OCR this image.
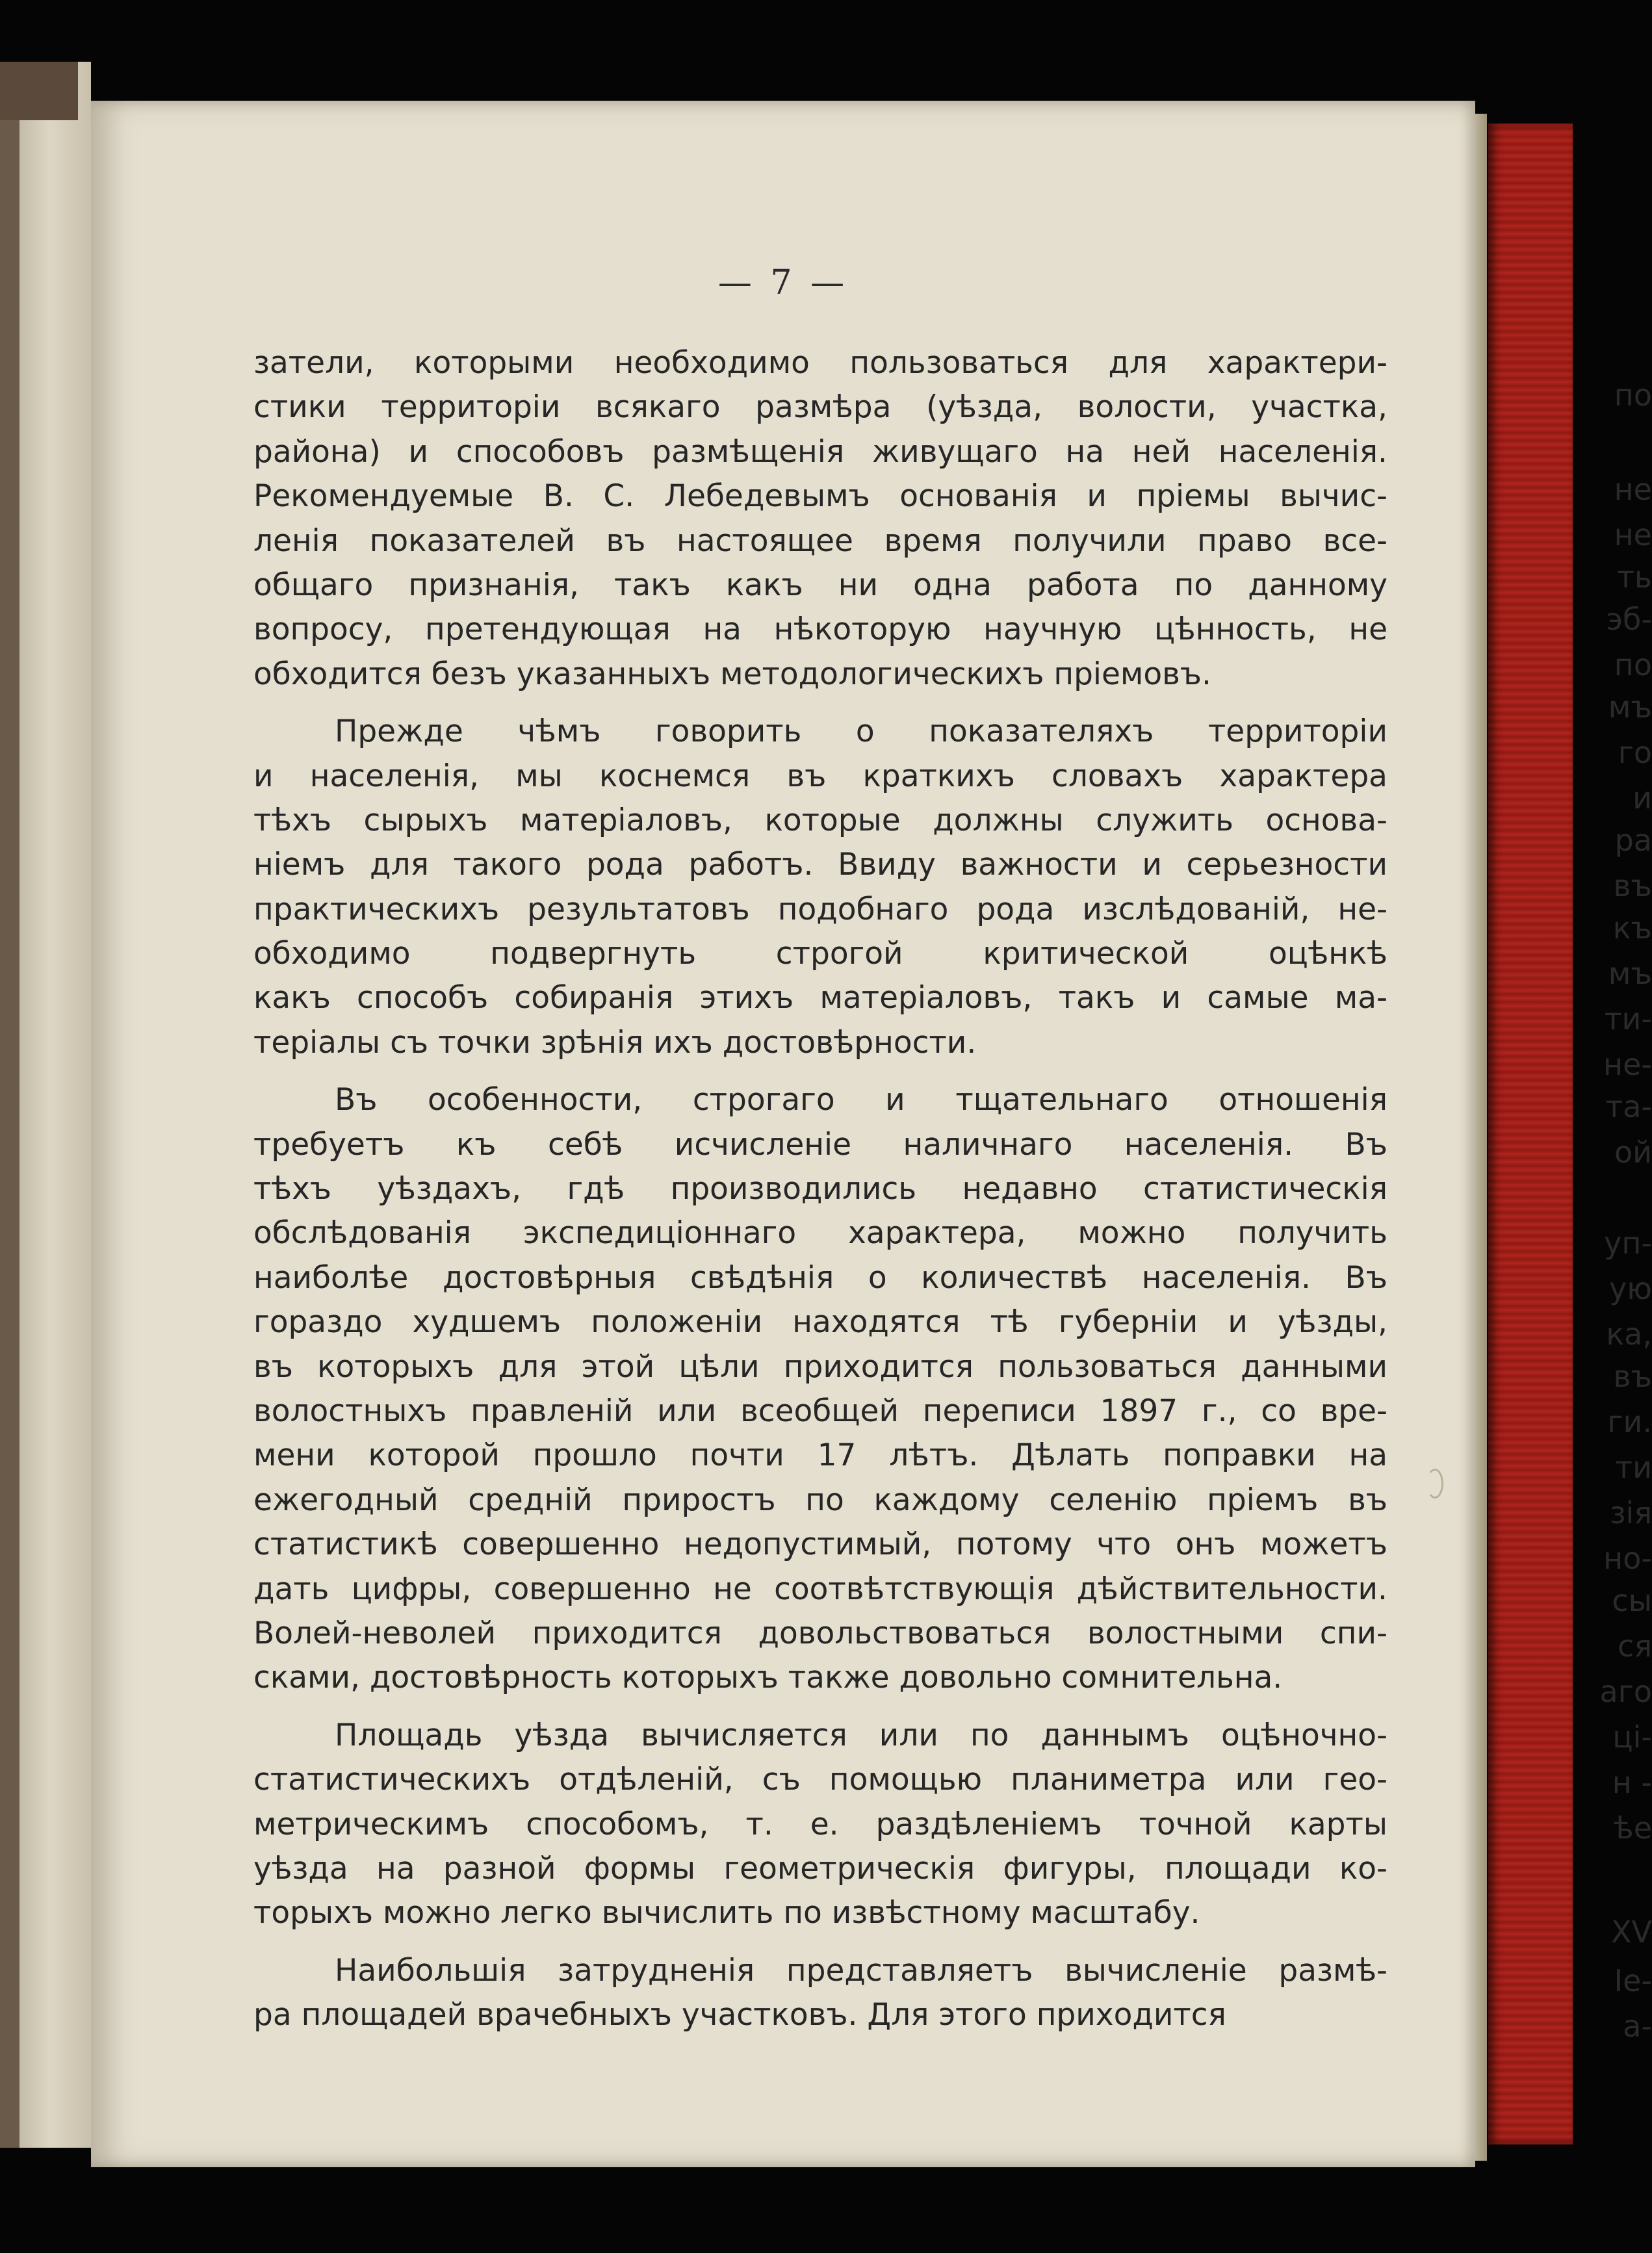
по
не
не
ть
эб-
по
мъ
го
и
ра
въ
къ
мъ
ти-
не-
та-
ой
уп-
ую
ка,
въ
ги.
ти
зія
но-
сы
ся
аго
ці-
н -
ѣе
XV
Ie-
а-
— 7 —
затели, которыми необходимо пользоваться для характери-
стики территоріи всякаго размѣра (уѣзда, волости, участка,
района) и способовъ размѣщенія живущаго на ней населенія.
Рекомендуемые В. С. Лебедевымъ основанія и пріемы вычис-
ленія показателей въ настоящее время получили право все-
общаго признанія, такъ какъ ни одна работа по данному
вопросу, претендующая на нѣкоторую научную цѣнность, не
обходится безъ указанныхъ методологическихъ пріемовъ.
Прежде чѣмъ говорить о показателяхъ территоріи
и населенія, мы коснемся въ краткихъ словахъ характера
тѣхъ сырыхъ матеріаловъ, которые должны служить основа-
ніемъ для такого рода работъ. Ввиду важности и серьезности
практическихъ результатовъ подобнаго рода изслѣдованій, не-
обходимо подвергнуть строгой критической оцѣнкѣ
какъ способъ собиранія этихъ матеріаловъ, такъ и самые ма-
теріалы съ точки зрѣнія ихъ достовѣрности.
Въ особенности, строгаго и тщательнаго отношенія
требуетъ къ себѣ исчисленіе наличнаго населенія. Въ
тѣхъ уѣздахъ, гдѣ производились недавно статистическія
обслѣдованія экспедиціоннаго характера, можно получить
наиболѣе достовѣрныя свѣдѣнія о количествѣ населенія. Въ
гораздо худшемъ положеніи находятся тѣ губерніи и уѣзды,
въ которыхъ для этой цѣли приходится пользоваться данными
волостныхъ правленій или всеобщей переписи 1897 г., со вре-
мени которой прошло почти 17 лѣтъ. Дѣлать поправки на
ежегодный средній приростъ по каждому селенію пріемъ въ
статистикѣ совершенно недопустимый, потому что онъ можетъ
дать цифры, совершенно не соотвѣтствующія дѣйствительности.
Волей-неволей приходится довольствоваться волостными спи-
сками, достовѣрность которыхъ также довольно сомнительна.
Площадь уѣзда вычисляется или по даннымъ оцѣночно-
статистическихъ отдѣленій, съ помощью планиметра или гео-
метрическимъ способомъ, т. е. раздѣленіемъ точной карты
уѣзда на разной формы геометрическія фигуры, площади ко-
торыхъ можно легко вычислить по извѣстному масштабу.
Наибольшія затрудненія представляетъ вычисленіе размѣ-
ра площадей врачебныхъ участковъ. Для этого приходится
